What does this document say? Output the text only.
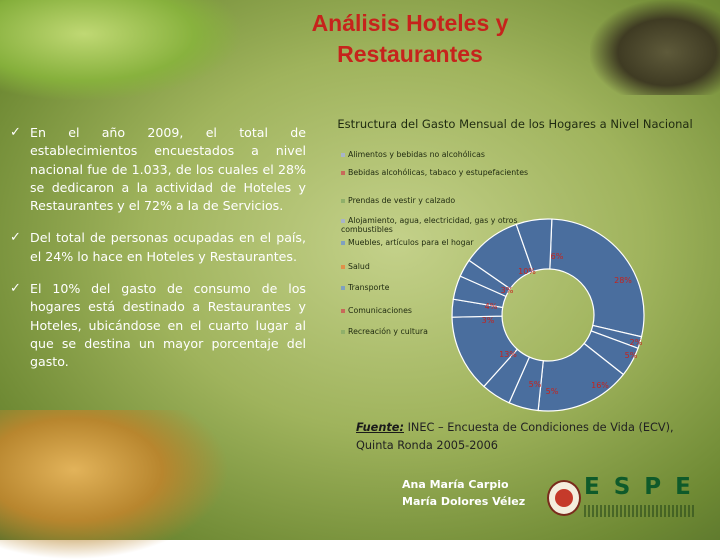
Análisis Hoteles y
Restaurantes
✓ En el año 2009, el total de establecimientos encuestados a nivel nacional fue de 1.033, de los cuales el 28% se dedicaron a la actividad de Hoteles y Restaurantes y el 72% a la de Servicios.
✓ Del total de personas ocupadas en el país, el 24% lo hace en Hoteles y Restaurantes.
✓ El 10% del gasto de consumo de los hogares está destinado a Restaurantes y Hoteles, ubicándose en el cuarto lugar al que se destina un mayor porcentaje del gasto.
Estructura del Gasto Mensual de los Hogares a Nivel Nacional
Alimentos y bebidas no alcohólicas
Bebidas alcohólicas, tabaco y estupefacientes
Prendas de vestir y calzado
Alojamiento, agua, electricidad, gas y otros combustibles
Muebles, artículos para el hogar
Salud
Transporte
Comunicaciones
Recreación y cultura
28%
2%
5%
16%
5%
5%
13%
3%
4%
3%
10%
6%
Fuente: INEC – Encuesta de Condiciones de Vida (ECV), Quinta Ronda 2005-2006
Ana María Carpio
María Dolores Vélez
ESPE
